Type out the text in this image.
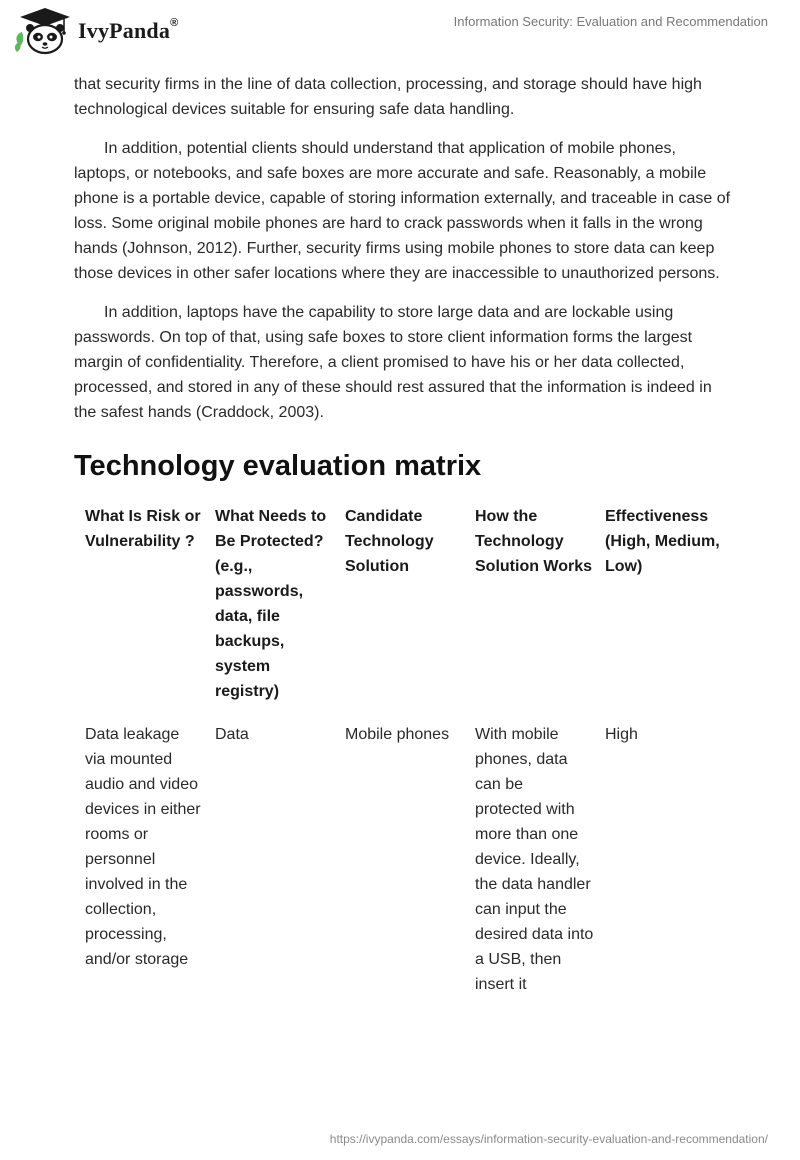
IvyPanda®	Information Security: Evaluation and Recommendation

that security firms in the line of data collection, processing, and storage should have high technological devices suitable for ensuring safe data handling.

In addition, potential clients should understand that application of mobile phones, laptops, or notebooks, and safe boxes are more accurate and safe. Reasonably, a mobile phone is a portable device, capable of storing information externally, and traceable in case of loss. Some original mobile phones are hard to crack passwords when it falls in the wrong hands (Johnson, 2012). Further, security firms using mobile phones to store data can keep those devices in other safer locations where they are inaccessible to unauthorized persons.

In addition, laptops have the capability to store large data and are lockable using passwords. On top of that, using safe boxes to store client information forms the largest margin of confidentiality. Therefore, a client promised to have his or her data collected, processed, and stored in any of these should rest assured that the information is indeed in the safest hands (Craddock, 2003).

Technology evaluation matrix
What Is Risk or Vulnerability ?	What Needs to Be Protected? (e.g., passwords, data, file backups, system registry)	Candidate Technology Solution	How the Technology Solution Works	Effectiveness (High, Medium, Low)
Data leakage via mounted audio and video devices in either rooms or personnel involved in the collection, processing, and/or storage	Data	Mobile phones	With mobile phones, data can be protected with more than one device. Ideally, the data handler can input the desired data into a USB, then insert it	High
https://ivypanda.com/essays/information-security-evaluation-and-recommendation/
